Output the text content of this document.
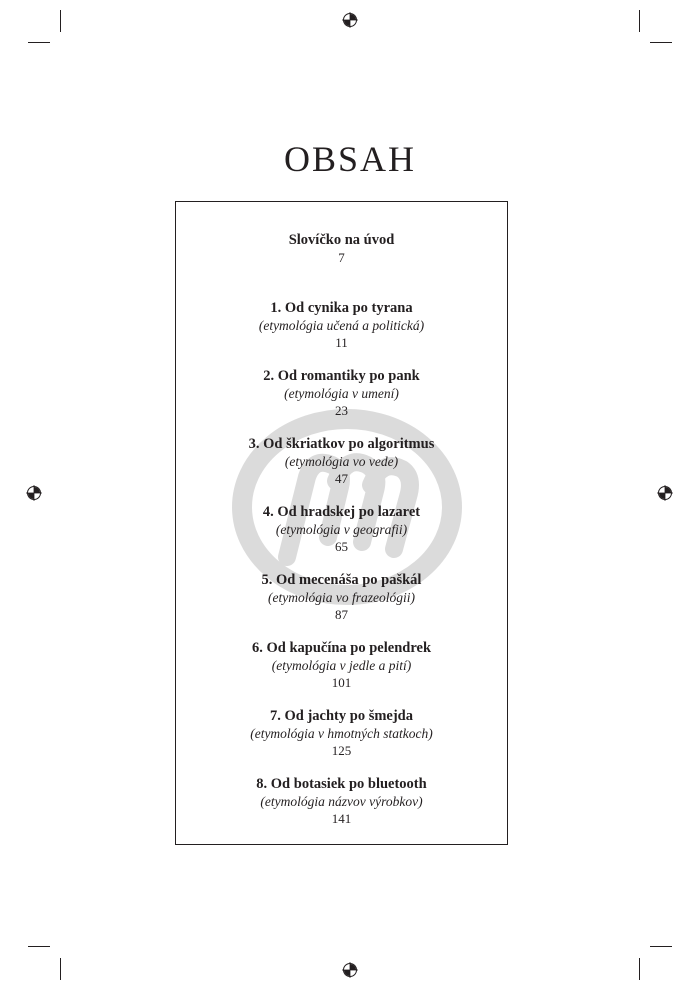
OBSAH
Slovíčko na úvod
7
1. Od cynika po tyrana
(etymológia učená a politická)
11
2. Od romantiky po pank
(etymológia v umení)
23
3. Od škriatkov po algoritmus
(etymológia vo vede)
47
4. Od hradskej po lazaret
(etymológia v geografii)
65
5. Od mecenáša po paškál
(etymológia vo frazeológii)
87
6. Od kapučína po pelendrek
(etymológia v jedle a pití)
101
7. Od jachty po šmejda
(etymológia v hmotných statkoch)
125
8. Od botasiek po bluetooth
(etymológia názvov výrobkov)
141
